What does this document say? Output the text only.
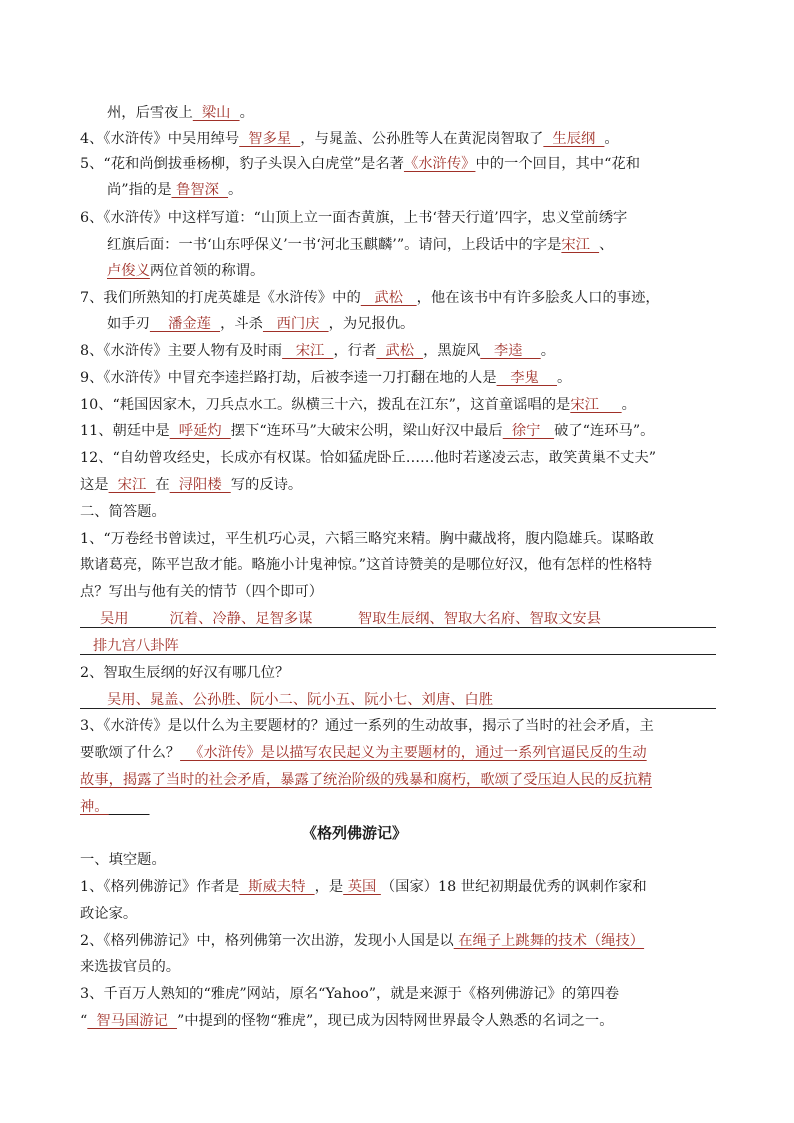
州，后雪夜上  梁山  。
4、《水浒传》中吴用绰号  智多星  ，与晁盖、公孙胜等人在黄泥岗智取了  生辰纲  。
5、“花和尚倒拔垂杨柳，豹子头误入白虎堂”是名著《水浒传》中的一个回目，其中“花和
尚”指的是 鲁智深  。
6、《水浒传》中这样写道：“山顶上立一面杏黄旗，上书‘替天行道’四字，忠义堂前绣字
红旗后面：一书‘山东呼保义’一书‘河北玉麒麟’”。请问，上段话中的字是宋江  、
卢俊义两位首领的称谓。
7、我们所熟知的打虎英雄是《水浒传》中的   武松   ，他在该书中有许多脍炙人口的事迹，
如手刃    潘金莲  ，斗杀   西门庆  ，为兄报仇。
8、《水浒传》主要人物有及时雨   宋江  ，行者  武松  ，黑旋风   李逵    。
9、《水浒传》中冒充李逵拦路打劫，后被李逵一刀打翻在地的人是   李鬼    。
10、“耗国因家木，刀兵点水工。纵横三十六，拨乱在江东”，这首童谣唱的是宋江     。
11、朝廷中是  呼延灼  摆下“连环马”大破宋公明，梁山好汉中最后  徐宁   破了“连环马”。
12、“自幼曾攻经史，长成亦有权谋。恰如猛虎卧丘……他时若遂凌云志，敢笑黄巢不丈夫”
这是  宋江  在  浔阳楼  写的反诗。
二、简答题。
1、“万卷经书曾读过，平生机巧心灵，六韬三略究来精。胸中藏战将，腹内隐雄兵。谋略敢
欺诸葛亮，陈平岂敌才能。略施小计鬼神惊。”这首诗赞美的是哪位好汉，他有怎样的性格特
点？写出与他有关的情节（四个即可）
吴用         沉着、冷静、足智多谋          智取生辰纲、智取大名府、智取文安县
排九宫八卦阵
2、智取生辰纲的好汉有哪几位？
吴用、晁盖、公孙胜、阮小二、阮小五、阮小七、刘唐、白胜
3、《水浒传》是以什么为主要题材的？通过一系列的生动故事，揭示了当时的社会矛盾，主
要歌颂了什么？  《水浒传》是以描写农民起义为主要题材的，通过一系列官逼民反的生动
故事，揭露了当时的社会矛盾，暴露了统治阶级的残暴和腐朽，歌颂了受压迫人民的反抗精
神。
《格列佛游记》
一、填空题。
1、《格列佛游记》作者是  斯威夫特  ，是 英国 （国家）18 世纪初期最优秀的讽刺作家和
政论家。
2、《格列佛游记》中，格列佛第一次出游，发现小人国是以 在绳子上跳舞的技术（绳技）
来选拔官员的。
3、千百万人熟知的“雅虎”网站，原名“Yahoo”，就是来源于《格列佛游记》的第四卷
“  智马国游记  ”中提到的怪物“雅虎”，现已成为因特网世界最令人熟悉的名词之一。
